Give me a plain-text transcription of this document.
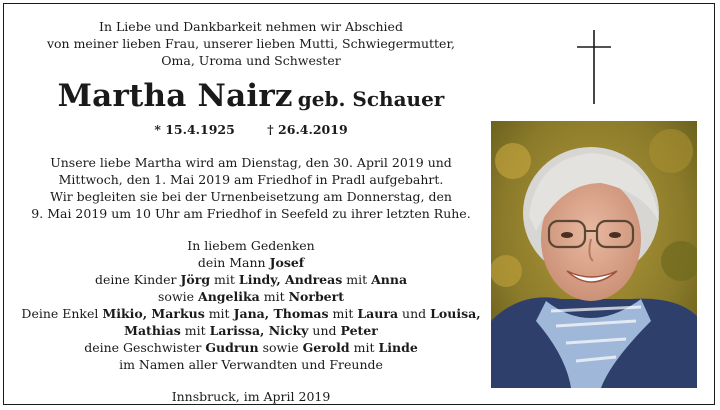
In Liebe und Dankbarkeit nehmen wir Abschied
von meiner lieben Frau, unserer lieben Mutti, Schwiegermutter,
Oma, Uroma und Schwester
Martha Nairz geb. Schauer
* 15.4.1925	† 26.4.2019
Unsere liebe Martha wird am Dienstag, den 30. April 2019 und
Mittwoch, den 1. Mai 2019 am Friedhof in Pradl aufgebahrt.
Wir begleiten sie bei der Urnenbeisetzung am Donnerstag, den
9. Mai 2019 um 10 Uhr am Friedhof in Seefeld zu ihrer letzten Ruhe.
In liebem Gedenken
dein Mann Josef
deine Kinder Jörg mit Lindy, Andreas mit Anna
sowie Angelika mit Norbert
Deine Enkel Mikio, Markus mit Jana, Thomas mit Laura und Louisa,
Mathias mit Larissa, Nicky und Peter
deine Geschwister Gudrun sowie Gerold mit Linde
im Namen aller Verwandten und Freunde
Innsbruck, im April 2019
